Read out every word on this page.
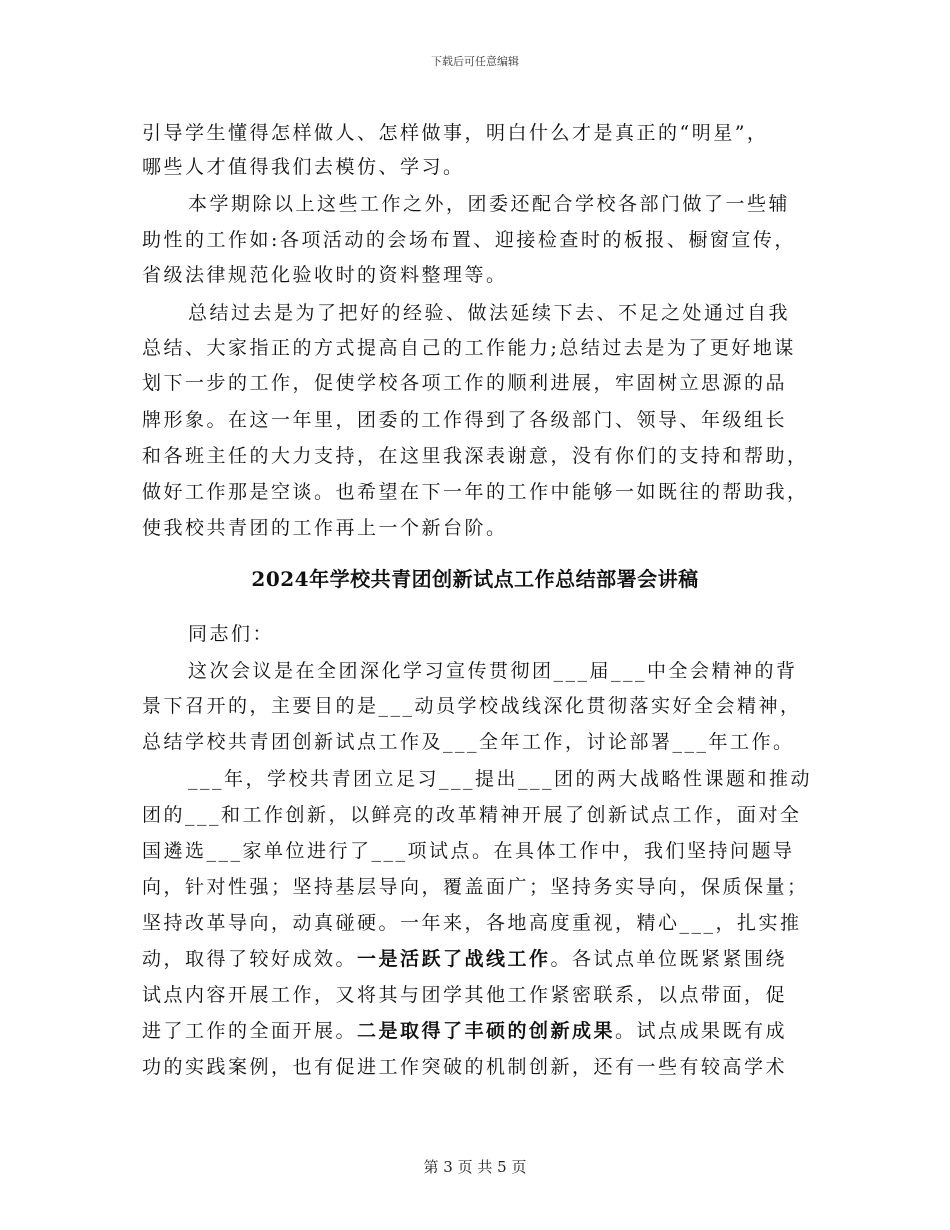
下载后可任意编辑
引导学生懂得怎样做人、怎样做事，明白什么才是真正的“明星”，
哪些人才值得我们去模仿、学习。
本学期除以上这些工作之外，团委还配合学校各部门做了一些辅
助性的工作如:各项活动的会场布置、迎接检查时的板报、橱窗宣传，
省级法律规范化验收时的资料整理等。
总结过去是为了把好的经验、做法延续下去、不足之处通过自我
总结、大家指正的方式提高自己的工作能力;总结过去是为了更好地谋
划下一步的工作，促使学校各项工作的顺利进展，牢固树立思源的品
牌形象。在这一年里，团委的工作得到了各级部门、领导、年级组长
和各班主任的大力支持，在这里我深表谢意，没有你们的支持和帮助，
做好工作那是空谈。也希望在下一年的工作中能够一如既往的帮助我，
使我校共青团的工作再上一个新台阶。
2024年学校共青团创新试点工作总结部署会讲稿
同志们：
这次会议是在全团深化学习宣传贯彻团___届___中全会精神的背
景下召开的，主要目的是___动员学校战线深化贯彻落实好全会精神，
总结学校共青团创新试点工作及___全年工作，讨论部署___年工作。
___年，学校共青团立足习___提出___团的两大战略性课题和推动
团的___和工作创新，以鲜亮的改革精神开展了创新试点工作，面对全
国遴选___家单位进行了___项试点。在具体工作中，我们坚持问题导
向，针对性强；坚持基层导向，覆盖面广；坚持务实导向，保质保量；
坚持改革导向，动真碰硬。一年来，各地高度重视，精心___，扎实推
动，取得了较好成效。一是活跃了战线工作。各试点单位既紧紧围绕
试点内容开展工作，又将其与团学其他工作紧密联系，以点带面，促
进了工作的全面开展。二是取得了丰硕的创新成果。试点成果既有成
功的实践案例，也有促进工作突破的机制创新，还有一些有较高学术
第 3 页 共 5 页
